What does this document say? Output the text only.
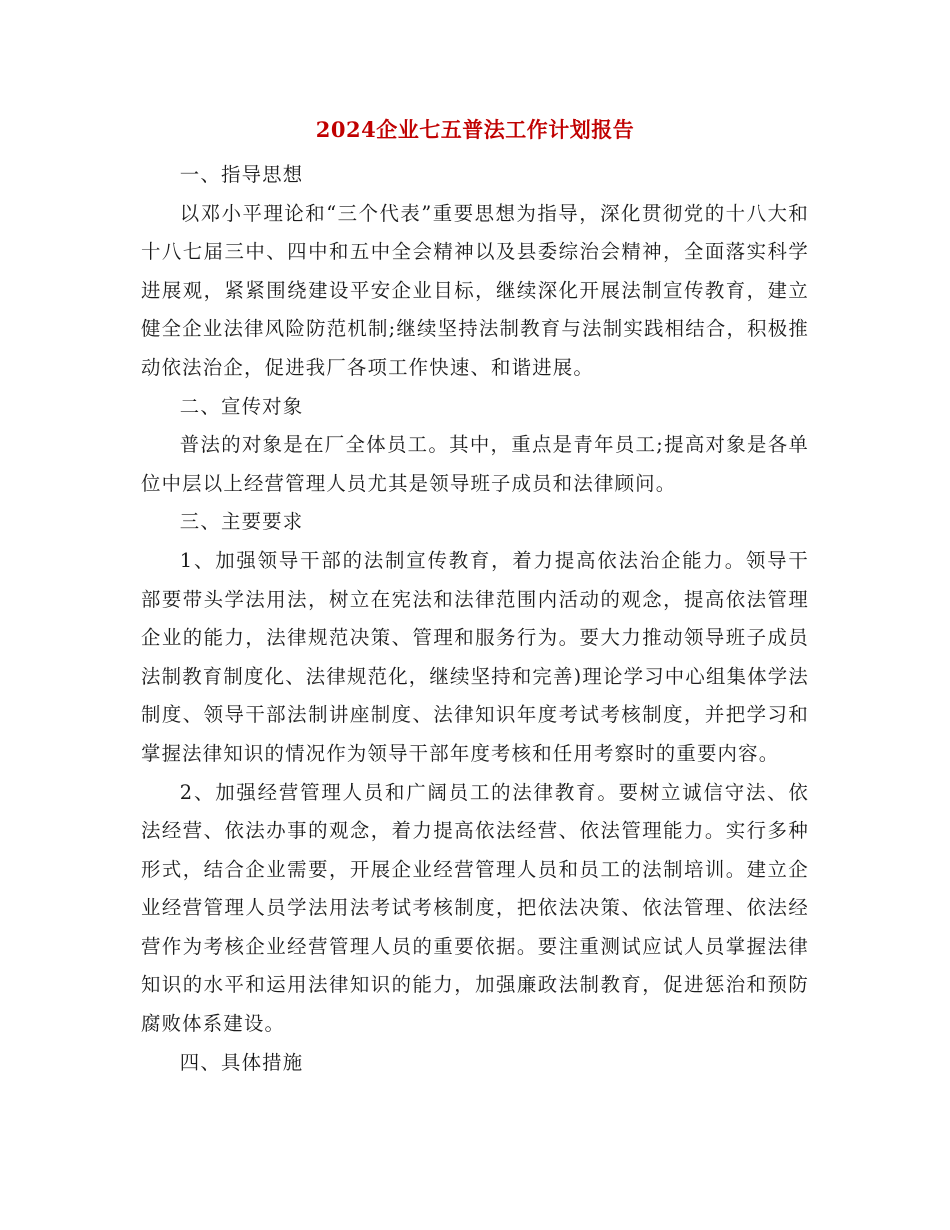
2024企业七五普法工作计划报告

一、指导思想

以邓小平理论和“三个代表”重要思想为指导，深化贯彻党的十八大和十八七届三中、四中和五中全会精神以及县委综治会精神，全面落实科学进展观，紧紧围绕建设平安企业目标，继续深化开展法制宣传教育，建立健全企业法律风险防范机制;继续坚持法制教育与法制实践相结合，积极推动依法治企，促进我厂各项工作快速、和谐进展。

二、宣传对象

普法的对象是在厂全体员工。其中，重点是青年员工;提高对象是各单位中层以上经营管理人员尤其是领导班子成员和法律顾问。

三、主要要求

1、加强领导干部的法制宣传教育，着力提高依法治企能力。领导干部要带头学法用法，树立在宪法和法律范围内活动的观念，提高依法管理企业的能力，法律规范决策、管理和服务行为。要大力推动领导班子成员法制教育制度化、法律规范化，继续坚持和完善)理论学习中心组集体学法制度、领导干部法制讲座制度、法律知识年度考试考核制度，并把学习和掌握法律知识的情况作为领导干部年度考核和任用考察时的重要内容。

2、加强经营管理人员和广阔员工的法律教育。要树立诚信守法、依法经营、依法办事的观念，着力提高依法经营、依法管理能力。实行多种形式，结合企业需要，开展企业经营管理人员和员工的法制培训。建立企业经营管理人员学法用法考试考核制度，把依法决策、依法管理、依法经营作为考核企业经营管理人员的重要依据。要注重测试应试人员掌握法律知识的水平和运用法律知识的能力，加强廉政法制教育，促进惩治和预防腐败体系建设。

四、具体措施
